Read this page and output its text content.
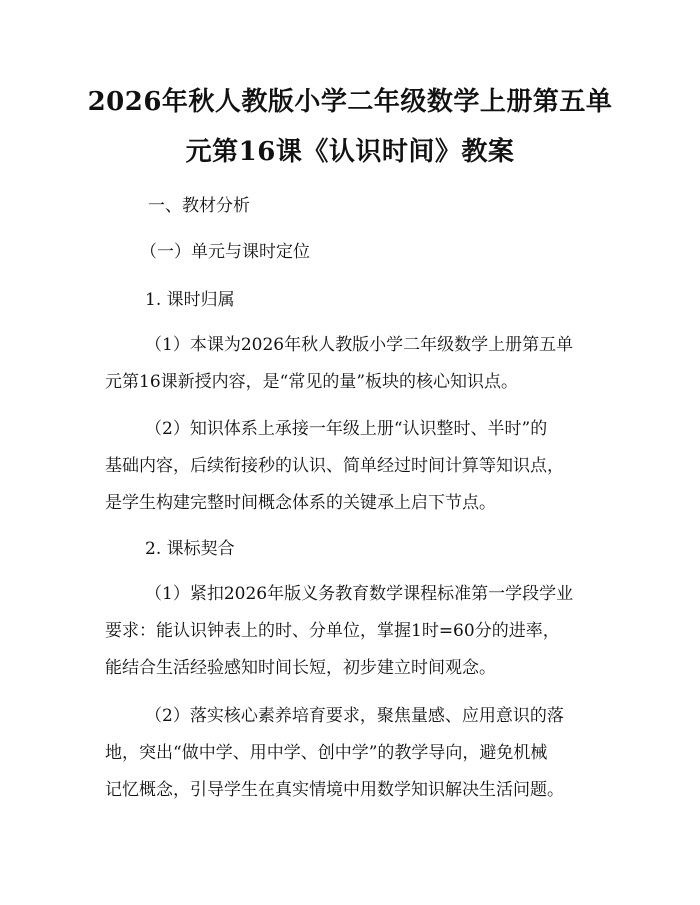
2026年秋人教版小学二年级数学上册第五单
元第16课《认识时间》教案
一、教材分析
（一）单元与课时定位
1. 课时归属
（1）本课为2026年秋人教版小学二年级数学上册第五单
元第16课新授内容，是“常见的量”板块的核心知识点。
（2）知识体系上承接一年级上册“认识整时、半时”的
基础内容，后续衔接秒的认识、简单经过时间计算等知识点，
是学生构建完整时间概念体系的关键承上启下节点。
2. 课标契合
（1）紧扣2026年版义务教育数学课程标准第一学段学业
要求：能认识钟表上的时、分单位，掌握1时=60分的进率，
能结合生活经验感知时间长短，初步建立时间观念。
（2）落实核心素养培育要求，聚焦量感、应用意识的落
地，突出“做中学、用中学、创中学”的教学导向，避免机械
记忆概念，引导学生在真实情境中用数学知识解决生活问题。
